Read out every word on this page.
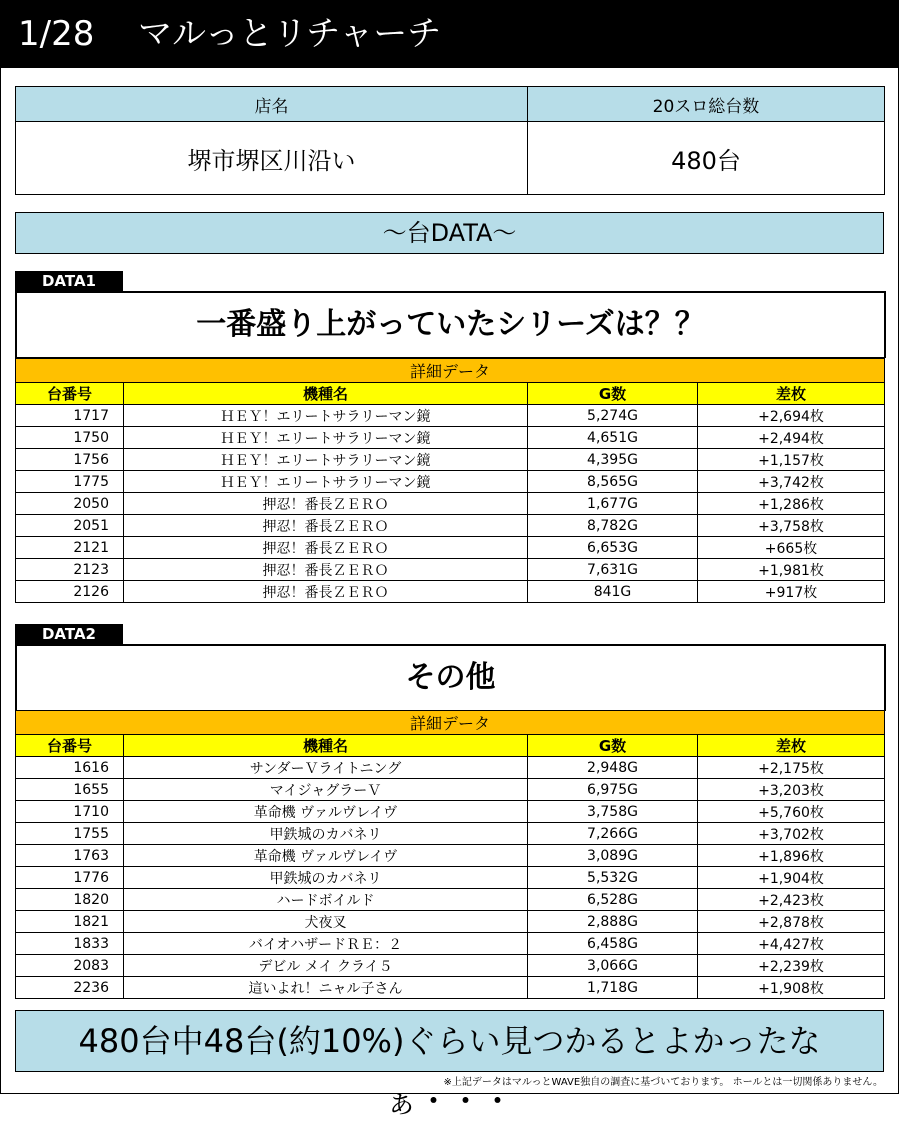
1/28 マルっとリチャーチ
店名	20スロ総台数
堺市堺区川沿い	480台
～台DATA～
DATA1
一番盛り上がっていたシリーズは？？
詳細データ			
台番号	機種名	G数	差枚
1717	ＨＥＹ！エリートサラリーマン鏡	5,274G	+2,694枚
1750	ＨＥＹ！エリートサラリーマン鏡	4,651G	+2,494枚
1756	ＨＥＹ！エリートサラリーマン鏡	4,395G	+1,157枚
1775	ＨＥＹ！エリートサラリーマン鏡	8,565G	+3,742枚
2050	押忍！番長ＺＥＲＯ	1,677G	+1,286枚
2051	押忍！番長ＺＥＲＯ	8,782G	+3,758枚
2121	押忍！番長ＺＥＲＯ	6,653G	+665枚
2123	押忍！番長ＺＥＲＯ	7,631G	+1,981枚
2126	押忍！番長ＺＥＲＯ	841G	+917枚
DATA2
その他
詳細データ			
台番号	機種名	G数	差枚
1616	サンダーＶライトニング	2,948G	+2,175枚
1655	マイジャグラーＶ	6,975G	+3,203枚
1710	革命機 ヴァルヴレイヴ	3,758G	+5,760枚
1755	甲鉄城のカバネリ	7,266G	+3,702枚
1763	革命機 ヴァルヴレイヴ	3,089G	+1,896枚
1776	甲鉄城のカバネリ	5,532G	+1,904枚
1820	ハードボイルド	6,528G	+2,423枚
1821	犬夜叉	2,888G	+2,878枚
1833	バイオハザードＲＥ：２	6,458G	+4,427枚
2083	デビル メイ クライ５	3,066G	+2,239枚
2236	這いよれ！ニャル子さん	1,718G	+1,908枚
480台中48台(約10%)ぐらい見つかるとよかったなぁ・・・
※上記データはマルっとWAVE独自の調査に基づいております。 ホールとは一切関係ありません。
